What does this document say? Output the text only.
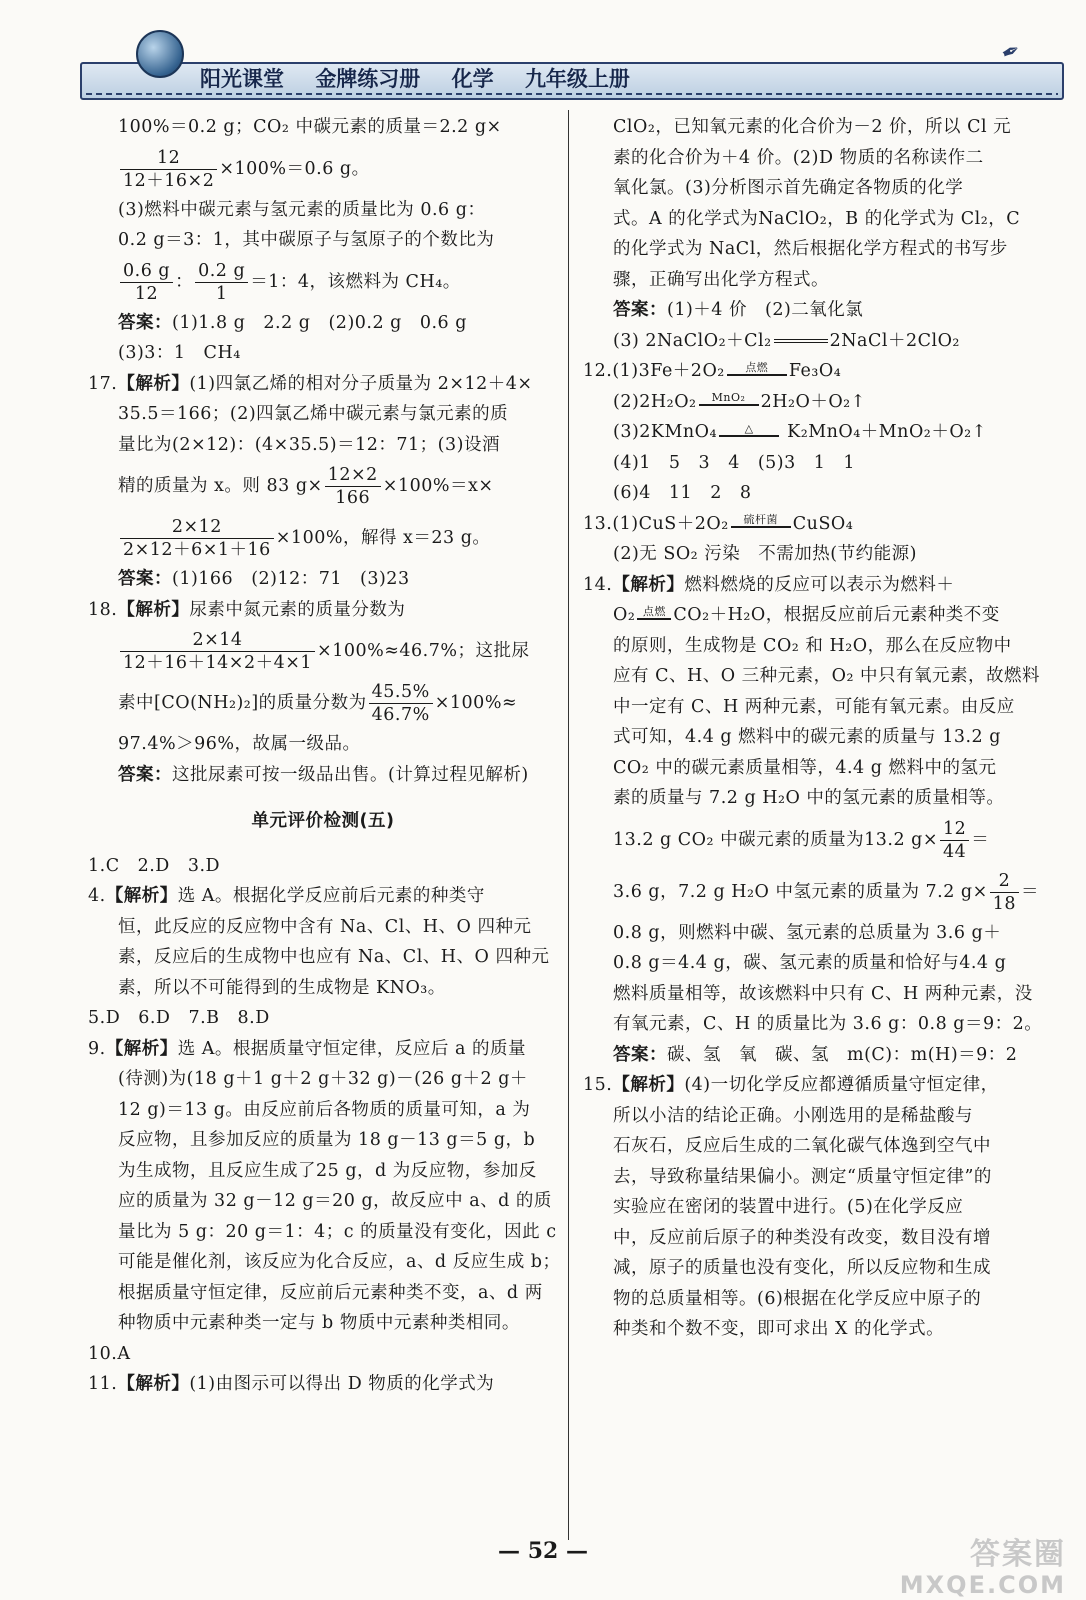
✒
阳光课堂 金牌练习册 化学 九年级上册
100%＝0.2 g；CO₂ 中碳元素的质量＝2.2 g×
$\frac{12}{12+16\times 2} \times 100\%=0.6$ g。
(3)燃料中碳元素与氢元素的质量比为 0.6 g：
0.2 g＝3：1，其中碳原子与氢原子的个数比为
$\frac{0.6 g}{12}$ ： $\frac{0.2 g}{1} =1$：4，该燃料为 CH₄。
答案：(1)1.8 g　2.2 g　(2)0.2 g　0.6 g
(3)3：1　CH₄
17.【解析】(1)四氯乙烯的相对分子质量为 2×12＋4×
35.5＝166；(2)四氯乙烯中碳元素与氯元素的质
量比为(2×12)：(4×35.5)＝12：71；(3)设酒
精的质量为 x。则 83 $g\times \frac{12\times 2}{166} \times 100\%=x\times$
$\frac{2\times 12}{2\times 12+6\times 1+16} \times 100\%$，解得 x＝23 g。
答案：(1)166　(2)12：71　(3)23
18.【解析】尿素中氮元素的质量分数为
$\frac{2\times 14}{12+16+14\times 2+4\times 1} \times 100\%\approx 46.7\%$；这批尿
素中[CO(NH₂)₂]的质量分数为 $\frac{45.5\%}{46.7\%} \times 100\%\approx$
97.4%＞96%，故属一级品。
答案：这批尿素可按一级品出售。(计算过程见解析)
单元评价检测(五)
1.C　2.D　3.D
4.【解析】选 A。根据化学反应前后元素的种类守
恒，此反应的反应物中含有 Na、Cl、H、O 四种元
素，反应后的生成物中也应有 Na、Cl、H、O 四种元
素，所以不可能得到的生成物是 KNO₃。
5.D　6.D　7.B　8.D
9.【解析】选 A。根据质量守恒定律，反应后 a 的质量
(待测)为(18 g＋1 g＋2 g＋32 g)－(26 g＋2 g＋
12 g)＝13 g。由反应前后各物质的质量可知，a 为
反应物，且参加反应的质量为 18 g－13 g＝5 g，b
为生成物，且反应生成了25 g，d 为反应物，参加反
应的质量为 32 g－12 g＝20 g，故反应中 a、d 的质
量比为 5 g：20 g＝1：4；c 的质量没有变化，因此 c
可能是催化剂，该反应为化合反应，a、d 反应生成 b；
根据质量守恒定律，反应前后元素种类不变，a、d 两
种物质中元素种类一定与 b 物质中元素种类相同。
10.A
11.【解析】(1)由图示可以得出 D 物质的化学式为
ClO₂，已知氧元素的化合价为－2 价，所以 Cl 元
素的化合价为＋4 价。(2)D 物质的名称读作二
氧化氯。(3)分析图示首先确定各物质的化学
式。A 的化学式为NaClO₂，B 的化学式为 Cl₂，C
的化学式为 NaCl，然后根据化学方程式的书写步
骤，正确写出化学方程式。
答案：(1)＋4 价　(2)二氧化氯
(3) 2NaClO₂＋Cl₂	2NaCl＋2ClO₂
12.(1)3Fe＋2O₂	点燃	Fe₃O₄
(2)2H₂O₂	MnO₂ 2H₂O＋O₂↑
(3)2KMnO₄	△	K₂MnO₄＋MnO₂＋O₂↑
(4)1　5　3　4　(5)3　1　1
(6)4　11　2　8
13.(1)CuS＋2O₂	硫杆菌 CuSO₄
(2)无 SO₂ 污染　不需加热(节约能源)
14.【解析】燃料燃烧的反应可以表示为燃料＋
O₂ 点燃 CO₂＋H₂O，根据反应前后元素种类不变
的原则，生成物是 CO₂ 和 H₂O，那么在反应物中
应有 C、H、O 三种元素，O₂ 中只有氧元素，故燃料
中一定有 C、H 两种元素，可能有氧元素。由反应
式可知，4.4 g 燃料中的碳元素的质量与 13.2 g
CO₂ 中的碳元素质量相等，4.4 g 燃料中的氢元
素的质量与 7.2 g H₂O 中的氢元素的质量相等。
13.2 g CO₂ 中碳元素的质量为13.2 $g\times \frac{12}{44}$ ＝
3.6 g，7.2 g H₂O 中氢元素的质量为 7.2 $g\times \frac{2}{18}$ ＝
0.8 g，则燃料中碳、氢元素的总质量为 3.6 g＋
0.8 g＝4.4 g，碳、氢元素的质量和恰好与4.4 g
燃料质量相等，故该燃料中只有 C、H 两种元素，没
有氧元素，C、H 的质量比为 3.6 g：0.8 g＝9：2。
答案：碳、氢　氧　碳、氢　m(C)：m(H)＝9：2
15.【解析】(4)一切化学反应都遵循质量守恒定律，
所以小洁的结论正确。小刚选用的是稀盐酸与
石灰石，反应后生成的二氧化碳气体逸到空气中
去，导致称量结果偏小。测定“质量守恒定律”的
实验应在密闭的装置中进行。(5)在化学反应
中，反应前后原子的种类没有改变，数目没有增
减，原子的质量也没有变化，所以反应物和生成
物的总质量相等。(6)根据在化学反应中原子的
种类和个数不变，即可求出 X 的化学式。
— 52 —	答案圈
MXQE.COM
